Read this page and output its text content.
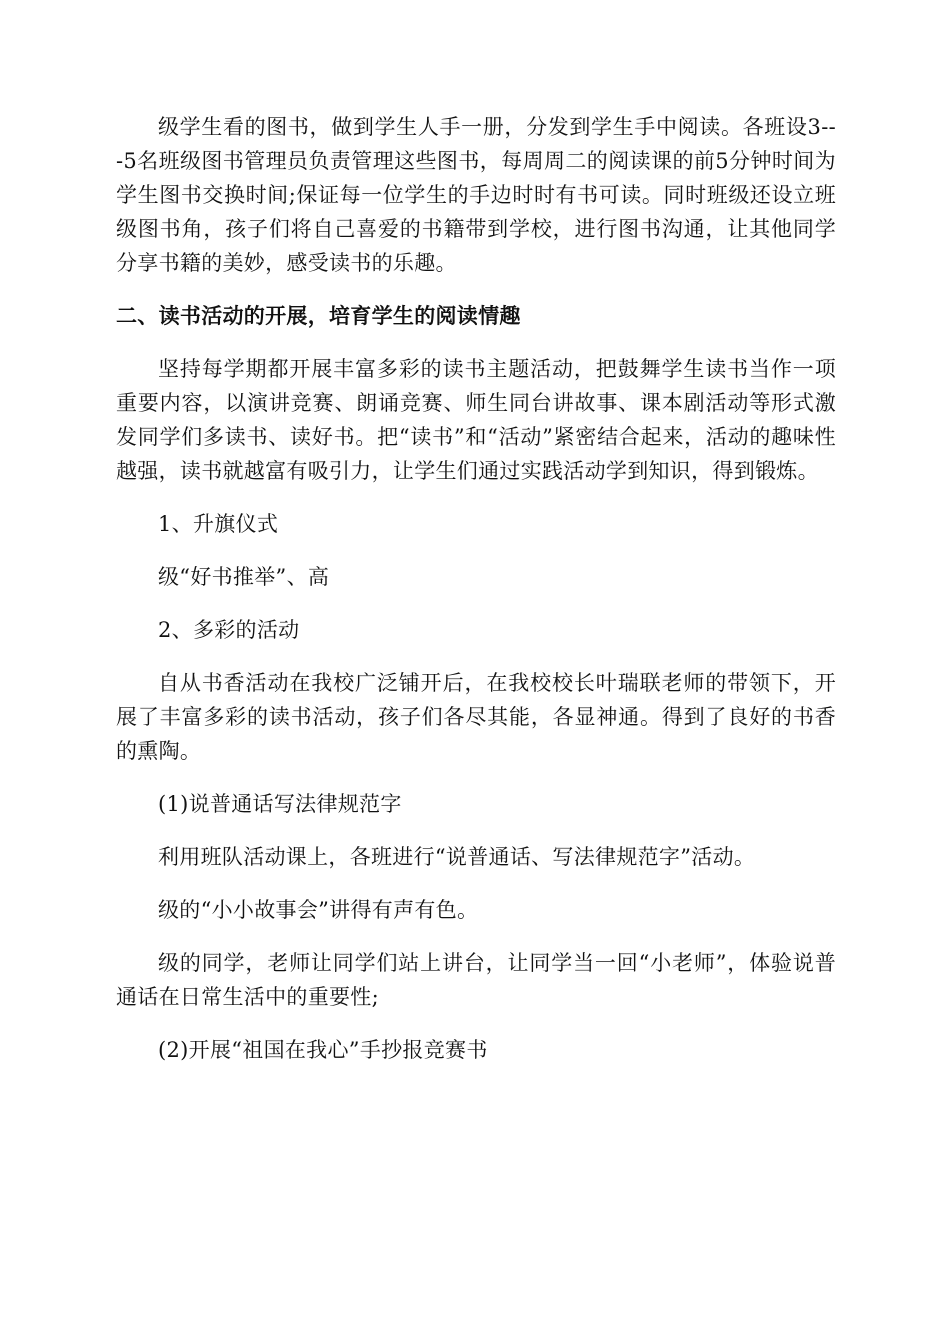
级学生看的图书，做到学生人手一册，分发到学生手中阅读。各班设3---5名班级图书管理员负责管理这些图书，每周周二的阅读课的前5分钟时间为学生图书交换时间;保证每一位学生的手边时时有书可读。同时班级还设立班级图书角，孩子们将自己喜爱的书籍带到学校，进行图书沟通，让其他同学分享书籍的美妙，感受读书的乐趣。

二、读书活动的开展，培育学生的阅读情趣

坚持每学期都开展丰富多彩的读书主题活动，把鼓舞学生读书当作一项重要内容，以演讲竞赛、朗诵竞赛、师生同台讲故事、课本剧活动等形式激发同学们多读书、读好书。把“读书”和“活动”紧密结合起来，活动的趣味性越强，读书就越富有吸引力，让学生们通过实践活动学到知识，得到锻炼。

1、升旗仪式

级“好书推举”、高

2、多彩的活动

自从书香活动在我校广泛铺开后，在我校校长叶瑞联老师的带领下，开展了丰富多彩的读书活动，孩子们各尽其能，各显神通。得到了良好的书香的熏陶。

(1)说普通话写法律规范字

利用班队活动课上，各班进行“说普通话、写法律规范字”活动。

级的“小小故事会”讲得有声有色。

级的同学，老师让同学们站上讲台，让同学当一回“小老师”，体验说普通话在日常生活中的重要性;

(2)开展“祖国在我心”手抄报竞赛书
